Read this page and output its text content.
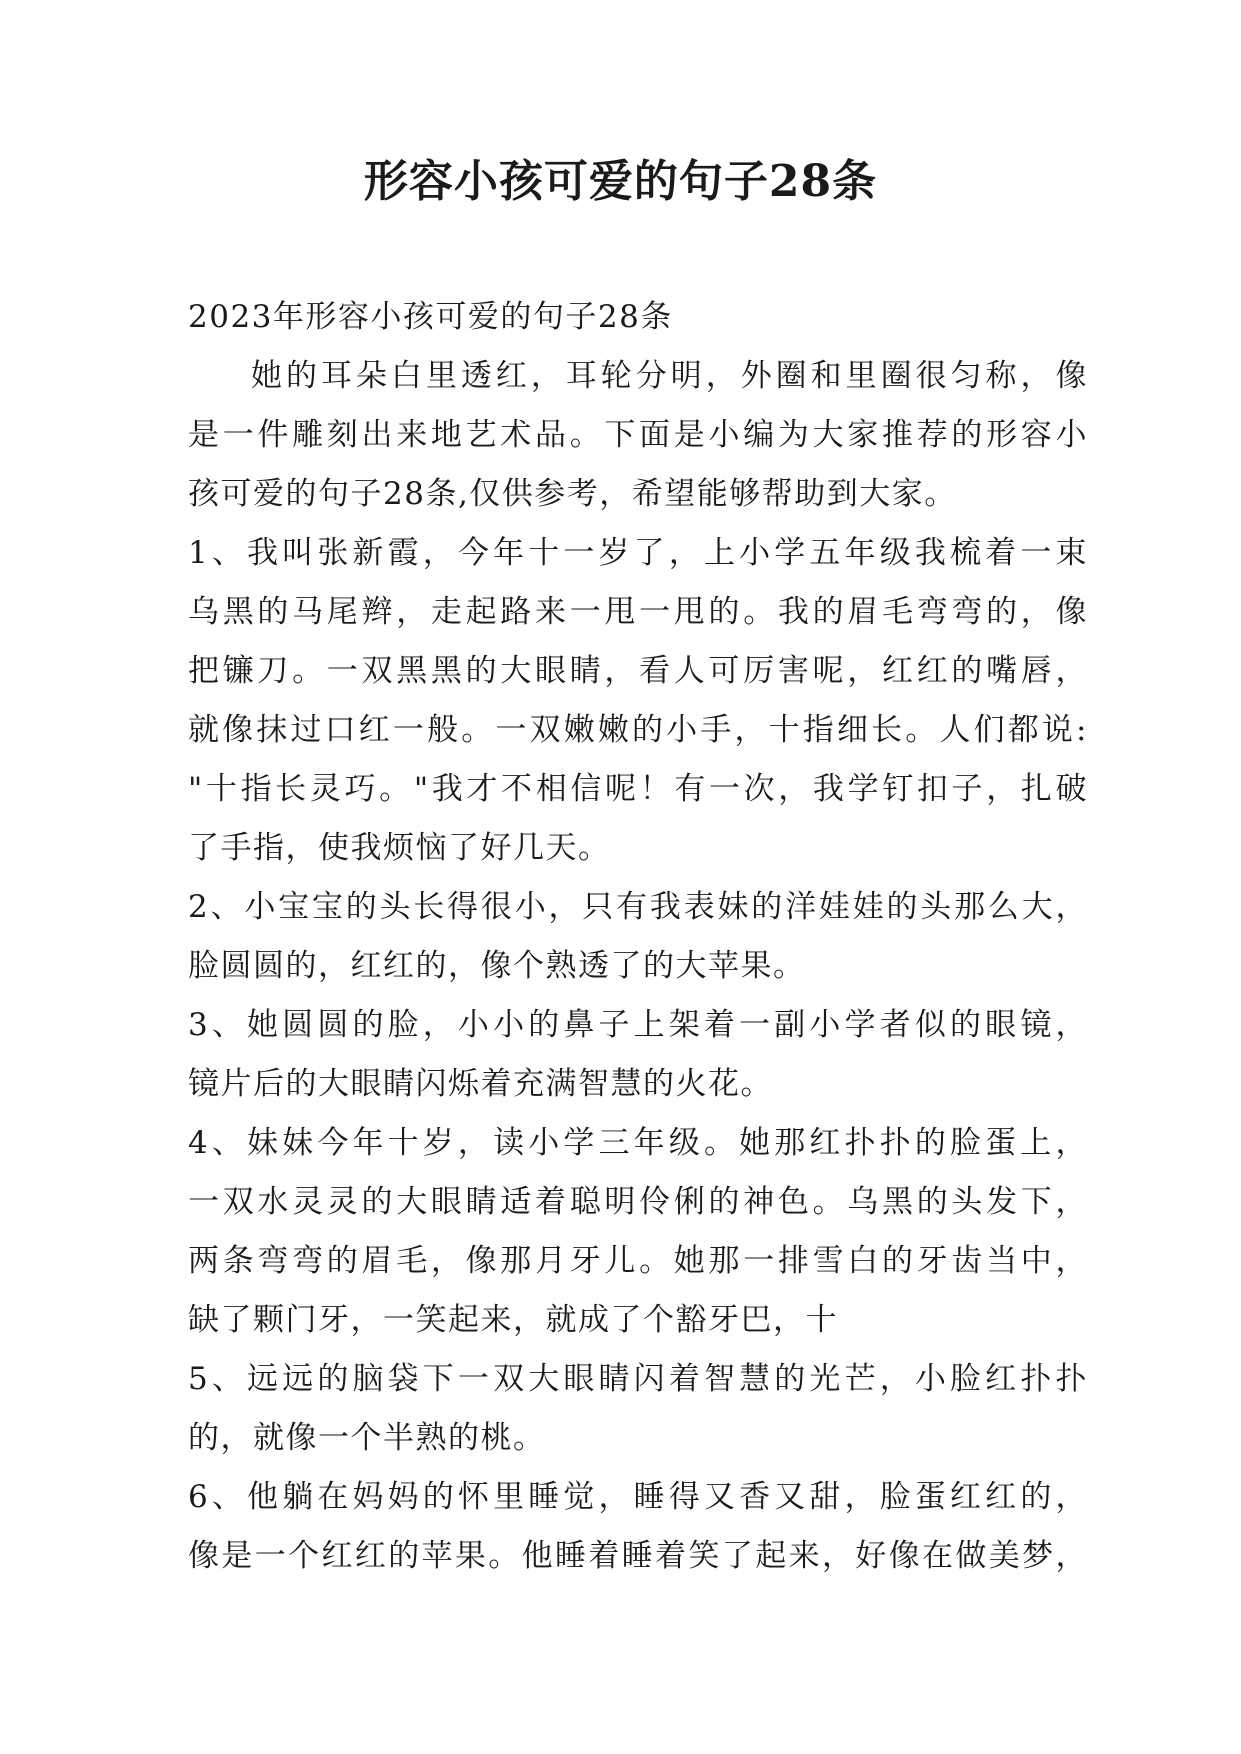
形容小孩可爱的句子28条
2023年形容小孩可爱的句子28条
她的耳朵白里透红，耳轮分明，外圈和里圈很匀称，像
是一件雕刻出来地艺术品。下面是小编为大家推荐的形容小
孩可爱的句子28条,仅供参考，希望能够帮助到大家。
1、我叫张新霞，今年十一岁了，上小学五年级我梳着一束
乌黑的马尾辫，走起路来一甩一甩的。我的眉毛弯弯的，像
把镰刀。一双黑黑的大眼睛，看人可厉害呢，红红的嘴唇，
就像抹过口红一般。一双嫩嫩的小手，十指细长。人们都说:
"十指长灵巧。"我才不相信呢！有一次，我学钉扣子，扎破
了手指，使我烦恼了好几天。
2、小宝宝的头长得很小，只有我表妹的洋娃娃的头那么大，
脸圆圆的，红红的，像个熟透了的大苹果。
3、她圆圆的脸，小小的鼻子上架着一副小学者似的眼镜，
镜片后的大眼睛闪烁着充满智慧的火花。
4、妹妹今年十岁，读小学三年级。她那红扑扑的脸蛋上，
一双水灵灵的大眼睛适着聪明伶俐的神色。乌黑的头发下，
两条弯弯的眉毛，像那月牙儿。她那一排雪白的牙齿当中，
缺了颗门牙，一笑起来，就成了个豁牙巴，十
5、远远的脑袋下一双大眼睛闪着智慧的光芒，小脸红扑扑
的，就像一个半熟的桃。
6、他躺在妈妈的怀里睡觉，睡得又香又甜，脸蛋红红的，
像是一个红红的苹果。他睡着睡着笑了起来，好像在做美梦，
